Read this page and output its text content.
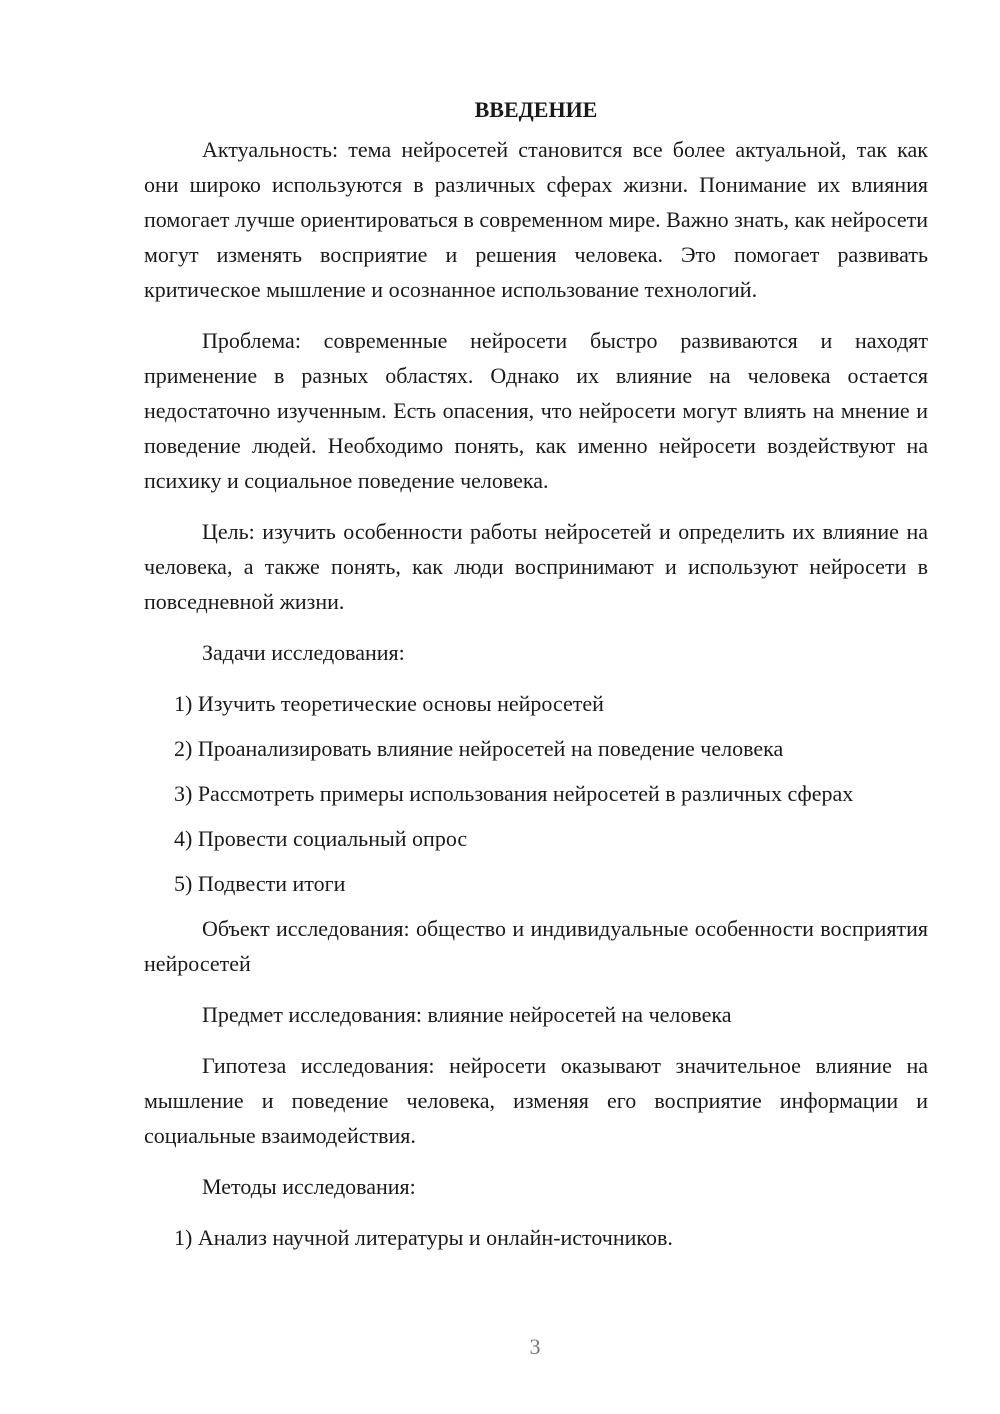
ВВЕДЕНИЕ

Актуальность: тема нейросетей становится все более актуальной, так как они широко используются в различных сферах жизни. Понимание их влияния помогает лучше ориентироваться в современном мире. Важно знать, как нейросети могут изменять восприятие и решения человека. Это помогает развивать критическое мышление и осознанное использование технологий.

Проблема: современные нейросети быстро развиваются и находят применение в разных областях. Однако их влияние на человека остается недостаточно изученным. Есть опасения, что нейросети могут влиять на мнение и поведение людей. Необходимо понять, как именно нейросети воздействуют на психику и социальное поведение человека.

Цель: изучить особенности работы нейросетей и определить их влияние на человека, а также понять, как люди воспринимают и используют нейросети в повседневной жизни.

Задачи исследования:

1) Изучить теоретические основы нейросетей

2) Проанализировать влияние нейросетей на поведение человека

3) Рассмотреть примеры использования нейросетей в различных сферах

4) Провести социальный опрос

5) Подвести итоги

Объект исследования: общество и индивидуальные особенности восприятия нейросетей

Предмет исследования: влияние нейросетей на человека

Гипотеза исследования: нейросети оказывают значительное влияние на мышление и поведение человека, изменяя его восприятие информации и социальные взаимодействия.

Методы исследования:

1) Анализ научной литературы и онлайн-источников.

3
